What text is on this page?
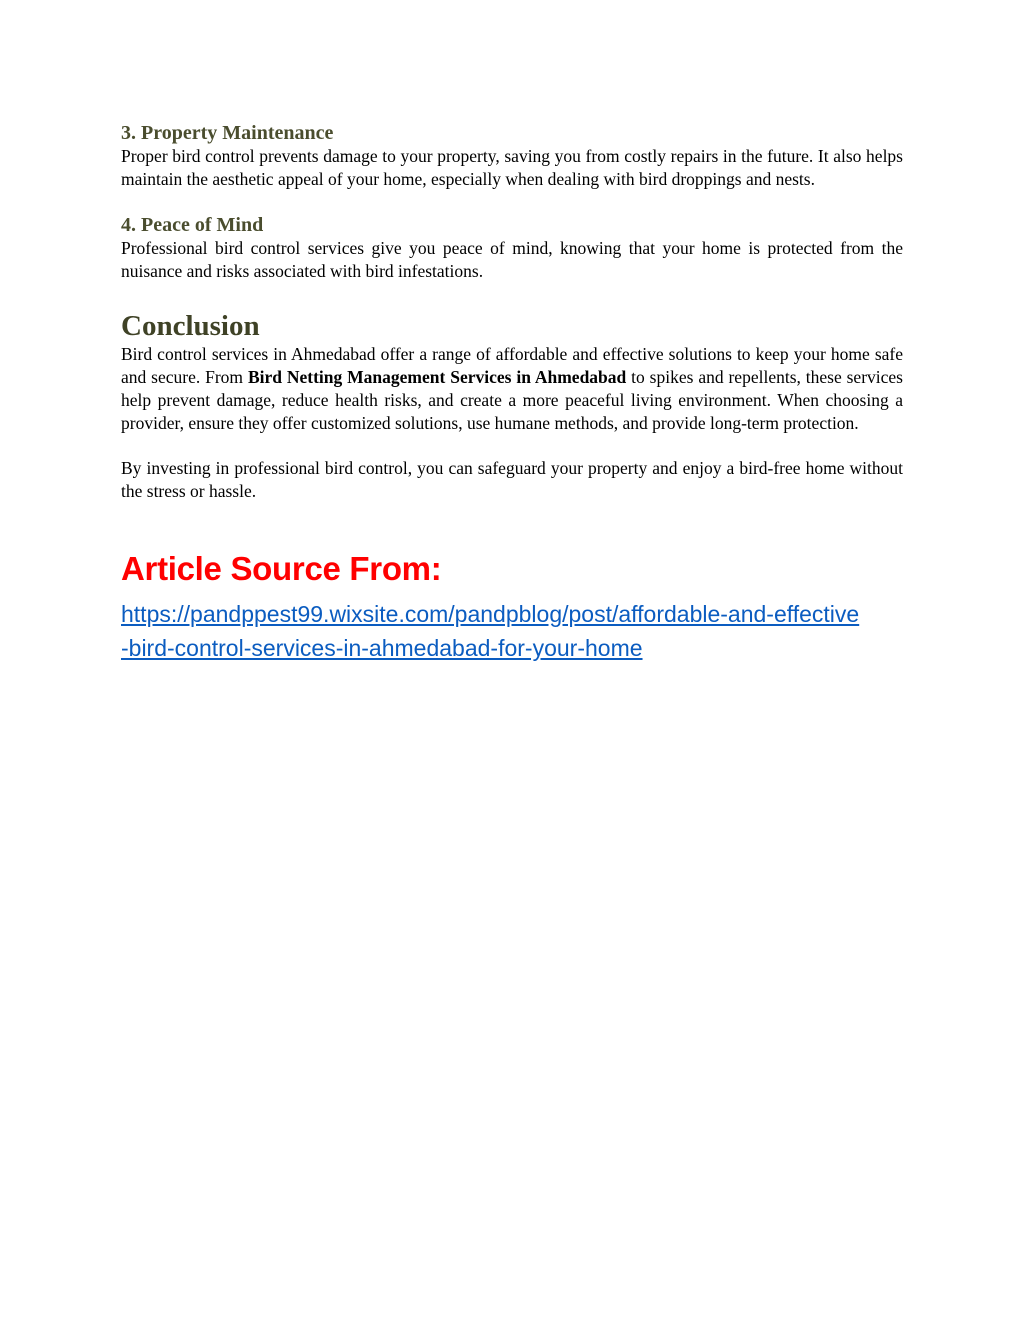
3. Property Maintenance

Proper bird control prevents damage to your property, saving you from costly repairs in the future. It also helps maintain the aesthetic appeal of your home, especially when dealing with bird droppings and nests.

4. Peace of Mind

Professional bird control services give you peace of mind, knowing that your home is protected from the nuisance and risks associated with bird infestations.

Conclusion

Bird control services in Ahmedabad offer a range of affordable and effective solutions to keep your home safe and secure. From Bird Netting Management Services in Ahmedabad to spikes and repellents, these services help prevent damage, reduce health risks, and create a more peaceful living environment. When choosing a provider, ensure they offer customized solutions, use humane methods, and provide long-term protection.

By investing in professional bird control, you can safeguard your property and enjoy a bird-free home without the stress or hassle.

Article Source From:
https://pandppest99.wixsite.com/pandpblog/post/affordable-and-effective-bird-control-services-in-ahmedabad-for-your-home
